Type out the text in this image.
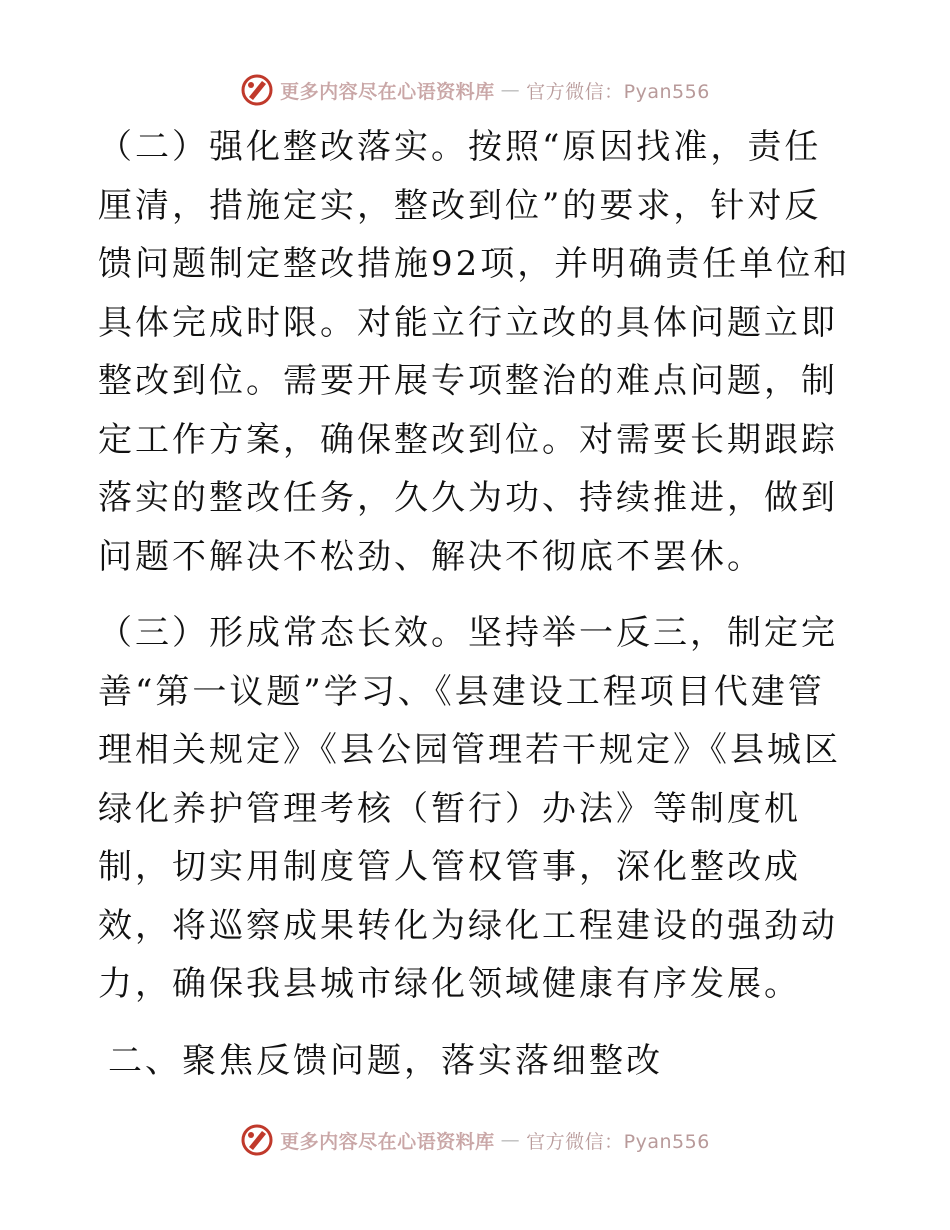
更多内容尽在心语资料库 — 官方微信：Pyan556

（二）强化整改落实。按照“原因找准，责任厘清，措施定实，整改到位”的要求，针对反馈问题制定整改措施92项，并明确责任单位和具体完成时限。对能立行立改的具体问题立即整改到位。需要开展专项整治的难点问题，制定工作方案，确保整改到位。对需要长期跟踪落实的整改任务，久久为功、持续推进，做到问题不解决不松劲、解决不彻底不罢休。

（三）形成常态长效。坚持举一反三，制定完善“第一议题”学习、《县建设工程项目代建管理相关规定》《县公园管理若干规定》《县城区绿化养护管理考核（暂行）办法》等制度机制，切实用制度管人管权管事，深化整改成效，将巡察成果转化为绿化工程建设的强劲动力，确保我县城市绿化领域健康有序发展。

二、聚焦反馈问题，落实落细整改

更多内容尽在心语资料库 — 官方微信：Pyan556
